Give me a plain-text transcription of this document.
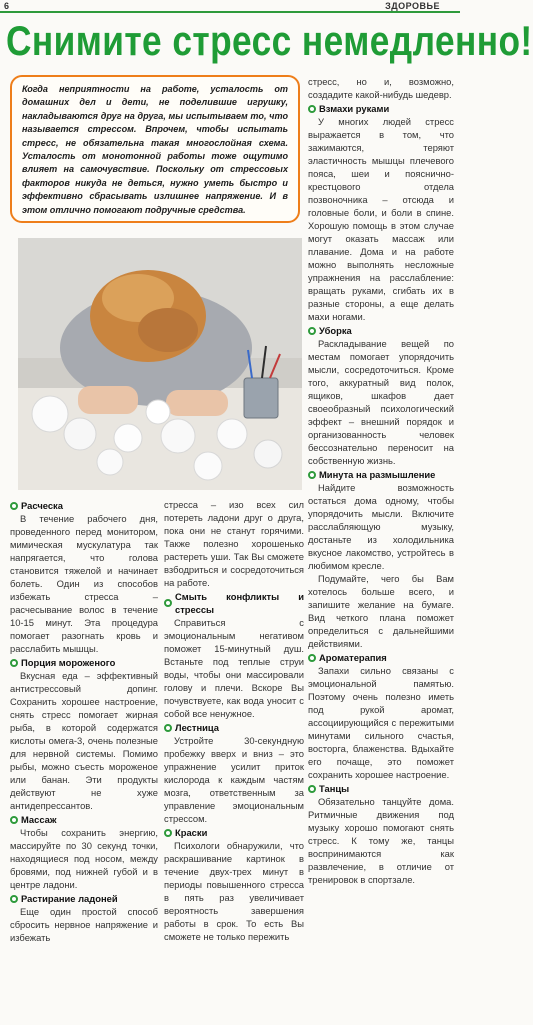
6	ЗДОРОВЬЕ
Снимите стресс немедленно!
Когда неприятности на работе, усталость от домашних дел и дети, не поделившие игрушку, накладываются друг на друга, мы испытываем то, что называется стрессом. Впрочем, чтобы испытать стресс, не обязательна такая многослойная схема. Усталость от монотонной работы тоже ощутимо влияет на самочувствие. Поскольку от стрессовых факторов никуда не деться, нужно уметь быстро и эффективно сбрасывать излишнее напряжение. И в этом отлично помогают подручные средства.
Расческа

В течение рабочего дня, проведенного перед монитором, мимическая мускулатура так напрягается, что голова становится тяжелой и начинает болеть. Один из способов избежать стресса – расчесывание волос в течение 10-15 минут. Эта процедура помогает разогнать кровь и расслабить мышцы.

Порция мороженого

Вкусная еда – эффективный антистрессовый допинг. Сохранить хорошее настроение, снять стресс помогает жирная рыба, в которой содержатся кислоты омега-3, очень полезные для нервной системы. Помимо рыбы, можно съесть мороженое или банан. Эти продукты действуют не хуже антидепрессантов.

Массаж

Чтобы сохранить энергию, массируйте по 30 секунд точки, находящиеся под носом, между бровями, под нижней губой и в центре ладони.

Растирание ладоней

Еще один простой способ сбросить нервное напряжение и избежать

стресса – изо всех сил потереть ладони друг о друга, пока они не станут горячими. Также полезно хорошенько растереть уши. Так Вы сможете взбодриться и сосредоточиться на работе.

Смыть конфликты и стрессы

Справиться с эмоциональным негативом поможет 15-минутный душ. Встаньте под теплые струи воды, чтобы они массировали голову и плечи. Вскоре Вы почувствуете, как вода уносит с собой все ненужное.

Лестница

Устройте 30-секундную пробежку вверх и вниз – это упражнение усилит приток кислорода к каждым частям мозга, ответственным за управление эмоциональным стрессом.

Краски

Психологи обнаружили, что раскрашивание картинок в течение двух-трех минут в периоды повышенного стресса в пять раз увеличивает вероятность завершения работы в срок. То есть Вы сможете не только пережить

стресс, но и, возможно, создадите какой-нибудь шедевр.

Взмахи руками

У многих людей стресс выражается в том, что зажимаются, теряют эластичность мышцы плечевого пояса, шеи и пояснично-крестцового отдела позвоночника – отсюда и головные боли, и боли в спине. Хорошую помощь в этом случае могут оказать массаж или плавание. Дома и на работе можно выполнять несложные упражнения на расслабление: вращать руками, сгибать их в разные стороны, а еще делать махи ногами.

Уборка

Раскладывание вещей по местам помогает упорядочить мысли, сосредоточиться. Кроме того, аккуратный вид полок, ящиков, шкафов дает своеобразный психологический эффект – внешний порядок и организованность человек бессознательно переносит на собственную жизнь.

Минута на размышление

Найдите возможность остаться дома одному, чтобы упорядочить мысли. Включите расслабляющую музыку, достаньте из холодильника вкусное лакомство, устройтесь в любимом кресле.

Подумайте, чего бы Вам хотелось больше всего, и запишите желание на бумаге. Вид четкого плана поможет определиться с дальнейшими действиями.

Ароматерапия

Запахи сильно связаны с эмоциональной памятью. Поэтому очень полезно иметь под рукой аромат, ассоциирующийся с пережитыми минутами сильного счастья, восторга, блаженства. Вдыхайте его почаще, это поможет сохранить хорошее настроение.

Танцы

Обязательно танцуйте дома. Ритмичные движения под музыку хорошо помогают снять стресс. К тому же, танцы воспринимаются как развлечение, в отличие от тренировок в спортзале.
